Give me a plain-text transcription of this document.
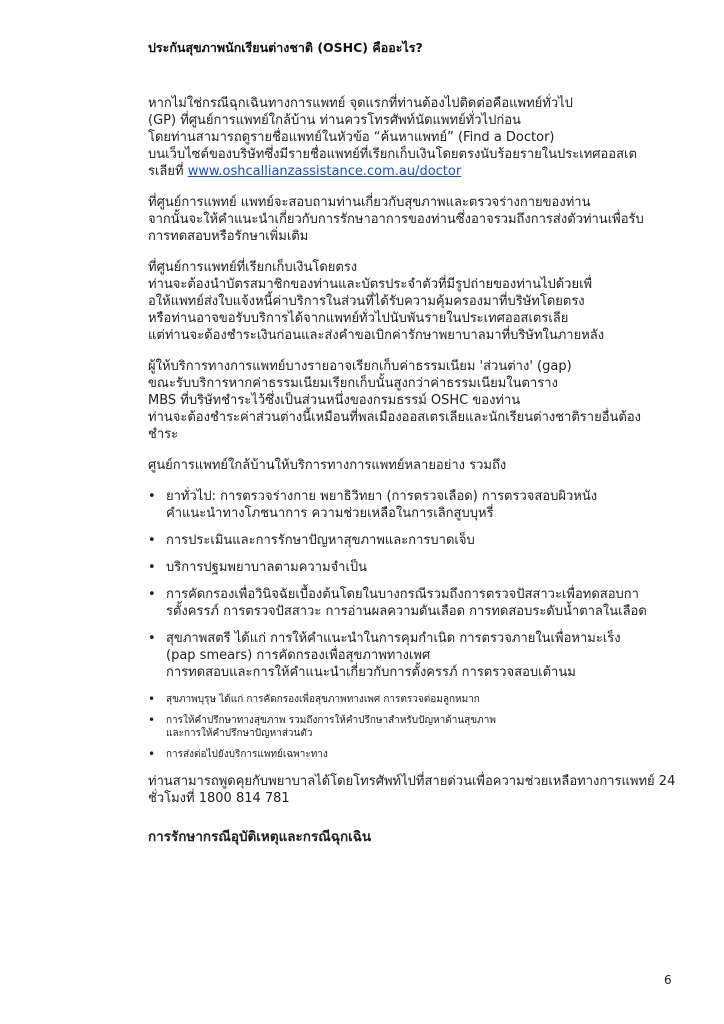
ประกันสุขภาพนักเรียนต่างชาติ (OSHC) คืออะไร?

หากไม่ใช่กรณีฉุกเฉินทางการแพทย์ จุดแรกที่ท่านต้องไปติดต่อคือแพทย์ทั่วไป
(GP) ที่ศูนย์การแพทย์ใกล้บ้าน ท่านควรโทรศัพท์นัดแพทย์ทั่วไปก่อน
โดยท่านสามารถดูรายชื่อแพทย์ในหัวข้อ “ค้นหาแพทย์” (Find a Doctor)
บนเว็บไซต์ของบริษัทซึ่งมีรายชื่อแพทย์ที่เรียกเก็บเงินโดยตรงนับร้อยรายในประเทศออสเต
รเลียที่ www.oshcallianzassistance.com.au/doctor

ที่ศูนย์การแพทย์ แพทย์จะสอบถามท่านเกี่ยวกับสุขภาพและตรวจร่างกายของท่าน
จากนั้นจะให้คำแนะนำเกี่ยวกับการรักษาอาการของท่านซึ่งอาจรวมถึงการส่งตัวท่านเพื่อรับ
การทดสอบหรือรักษาเพิ่มเติม

ที่ศูนย์การแพทย์ที่เรียกเก็บเงินโดยตรง
ท่านจะต้องนำบัตรสมาชิกของท่านและบัตรประจำตัวที่มีรูปถ่ายของท่านไปด้วยเพื่
อให้แพทย์ส่งใบแจ้งหนี้ค่าบริการในส่วนที่ได้รับความคุ้มครองมาที่บริษัทโดยตรง
หรือท่านอาจขอรับบริการได้จากแพทย์ทั่วไปนับพันรายในประเทศออสเตรเลีย
แต่ท่านจะต้องชำระเงินก่อนและส่งคำขอเบิกค่ารักษาพยาบาลมาที่บริษัทในภายหลัง

ผู้ให้บริการทางการแพทย์บางรายอาจเรียกเก็บค่าธรรมเนียม 'ส่วนต่าง' (gap)
ขณะรับบริการหากค่าธรรมเนียมเรียกเก็บนั้นสูงกว่าค่าธรรมเนียมในตาราง
MBS ที่บริษัทชำระไว้ซึ่งเป็นส่วนหนึ่งของกรมธรรม์ OSHC ของท่าน
ท่านจะต้องชำระค่าส่วนต่างนี้เหมือนที่พลเมืองออสเตรเลียและนักเรียนต่างชาติรายอื่นต้อง
ชำระ

ศูนย์การแพทย์ใกล้บ้านให้บริการทางการแพทย์หลายอย่าง รวมถึง

• ยาทั่วไป: การตรวจร่างกาย พยาธิวิทยา (การตรวจเลือด) การตรวจสอบผิวหนัง
คำแนะนำทางโภชนาการ ความช่วยเหลือในการเลิกสูบบุหรี่
• การประเมินและการรักษาปัญหาสุขภาพและการบาดเจ็บ
• บริการปฐมพยาบาลตามความจำเป็น
• การคัดกรองเพื่อวินิจฉัยเบื้องต้นโดยในบางกรณีรวมถึงการตรวจปัสสาวะเพื่อทดสอบกา
รตั้งครรภ์ การตรวจปัสสาวะ การอ่านผลความดันเลือด การทดสอบระดับน้ำตาลในเลือด
• สุขภาพสตรี ได้แก่ การให้คำแนะนำในการคุมกำเนิด การตรวจภายในเพื่อหามะเร็ง
(pap smears) การคัดกรองเพื่อสุขภาพทางเพศ
การทดสอบและการให้คำแนะนำเกี่ยวกับการตั้งครรภ์ การตรวจสอบเต้านม
• สุขภาพบุรุษ ได้แก่ การคัดกรองเพื่อสุขภาพทางเพศ การตรวจต่อมลูกหมาก
• การให้คำปรึกษาทางสุขภาพ รวมถึงการให้คำปรึกษาสำหรับปัญหาด้านสุขภาพ
และการให้คำปรึกษาปัญหาส่วนตัว
• การส่งต่อไปยังบริการแพทย์เฉพาะทาง

ท่านสามารถพูดคุยกับพยาบาลได้โดยโทรศัพท์ไปที่สายด่วนเพื่อความช่วยเหลือทางการแพทย์ 24
ชั่วโมงที่ 1800 814 781

การรักษากรณีอุบัติเหตุและกรณีฉุกเฉิน
6
